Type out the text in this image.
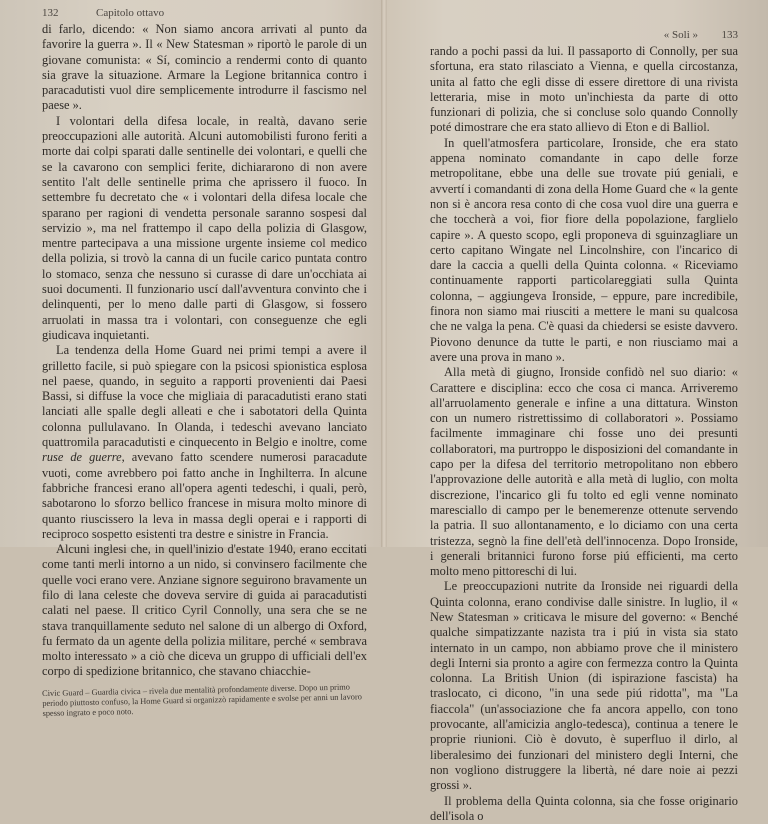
132	Capitolo ottavo

di farlo, dicendo: « Non siamo ancora arrivati al punto da favorire la guerra ». Il « New Statesman » riportò le parole di un giovane comunista: « Sí, comincio a rendermi conto di quanto sia grave la situazione. Armare la Legione britannica contro i paracadutisti vuol dire semplicemente introdurre il fascismo nel paese ».

I volontari della difesa locale, in realtà, davano serie preoccupazioni alle autorità. Alcuni automobilisti furono feriti a morte dai colpi sparati dalle sentinelle dei volontari, e quelli che se la cavarono con semplici ferite, dichiararono di non avere sentito l'alt delle sentinelle prima che aprissero il fuoco. In settembre fu decretato che « i volontari della difesa locale che sparano per ragioni di vendetta personale saranno sospesi dal servizio », ma nel frattempo il capo della polizia di Glasgow, mentre partecipava a una missione urgente insieme col medico della polizia, si trovò la canna di un fucile carico puntata contro lo stomaco, senza che nessuno si curasse di dare un'occhiata ai suoi documenti. Il funzionario uscí dall'avventura convinto che i delinquenti, per lo meno dalle parti di Glasgow, si fossero arruolati in massa tra i volontari, con conseguenze che egli giudicava inquietanti.

La tendenza della Home Guard nei primi tempi a avere il grilletto facile, si può spiegare con la psicosi spionistica esplosa nel paese, quando, in seguito a rapporti provenienti dai Paesi Bassi, si diffuse la voce che migliaia di paracadutisti erano stati lanciati alle spalle degli alleati e che i sabotatori della Quinta colonna pullulavano. In Olanda, i tedeschi avevano lanciato quattromila paracadutisti e cinquecento in Belgio e inoltre, come ruse de guerre, avevano fatto scendere numerosi paracadute vuoti, come avrebbero poi fatto anche in Inghilterra. In alcune fabbriche francesi erano all'opera agenti tedeschi, i quali, però, sabotarono lo sforzo bellico francese in misura molto minore di quanto riuscissero la leva in massa degli operai e i rapporti di reciproco sospetto esistenti tra destre e sinistre in Francia.

Alcuni inglesi che, in quell'inizio d'estate 1940, erano eccitati come tanti merli intorno a un nido, si convinsero facilmente che quelle voci erano vere. Anziane signore seguirono bravamente un filo di lana celeste che doveva servire di guida ai paracadutisti calati nel paese. Il critico Cyril Connolly, una sera che se ne stava tranquillamente seduto nel salone di un albergo di Oxford, fu fermato da un agente della polizia militare, perché « sembrava molto interessato » a ciò che diceva un gruppo di ufficiali dell'ex corpo di spedizione britannico, che stavano chiacchie-

Civic Guard – Guardia civica – rivela due mentalità profondamente diverse. Dopo un primo periodo piuttosto confuso, la Home Guard si organizzò rapidamente e svolse per anni un lavoro spesso ingrato e poco noto.
« Soli »	133

rando a pochi passi da lui. Il passaporto di Connolly, per sua sfortuna, era stato rilasciato a Vienna, e quella circostanza, unita al fatto che egli disse di essere direttore di una rivista letteraria, mise in moto un'inchiesta da parte di otto funzionari di polizia, che si concluse solo quando Connolly poté dimostrare che era stato allievo di Eton e di Balliol.

In quell'atmosfera particolare, Ironside, che era stato appena nominato comandante in capo delle forze metropolitane, ebbe una delle sue trovate piú geniali, e avvertí i comandanti di zona della Home Guard che « la gente non si è ancora resa conto di che cosa vuol dire una guerra e che toccherà a voi, fior fiore della popolazione, farglielo capire ». A questo scopo, egli proponeva di sguinzagliare un certo capitano Wingate nel Lincolnshire, con l'incarico di dare la caccia a quelli della Quinta colonna. « Riceviamo continuamente rapporti particolareggiati sulla Quinta colonna, – aggiungeva Ironside, – eppure, pare incredibile, finora non siamo mai riusciti a mettere le mani su qualcosa che ne valga la pena. C'è quasi da chiedersi se esiste davvero. Piovono denunce da tutte le parti, e non riusciamo mai a avere una prova in mano ».

Alla metà di giugno, Ironside confidò nel suo diario: « Carattere e disciplina: ecco che cosa ci manca. Arriveremo all'arruolamento generale e infine a una dittatura. Winston con un numero ristrettissimo di collaboratori ». Possiamo facilmente immaginare chi fosse uno dei presunti collaboratori, ma purtroppo le disposizioni del comandante in capo per la difesa del territorio metropolitano non ebbero l'approvazione delle autorità e alla metà di luglio, con molta discrezione, l'incarico gli fu tolto ed egli venne nominato maresciallo di campo per le benemerenze ottenute servendo la patria. Il suo allontanamento, e lo diciamo con una certa tristezza, segnò la fine dell'età dell'innocenza. Dopo Ironside, i generali britannici furono forse piú efficienti, ma certo molto meno pittoreschi di lui.

Le preoccupazioni nutrite da Ironside nei riguardi della Quinta colonna, erano condivise dalle sinistre. In luglio, il « New Statesman » criticava le misure del governo: « Benché qualche simpatizzante nazista tra i piú in vista sia stato internato in un campo, non abbiamo prove che il ministero degli Interni sia pronto a agire con fermezza contro la Quinta colonna. La British Union (di ispirazione fascista) ha traslocato, ci dicono, "in una sede piú ridotta", ma "La fiaccola" (un'associazione che fa ancora appello, con tono provocante, all'amicizia anglo-tedesca), continua a tenere le proprie riunioni. Ciò è dovuto, è superfluo il dirlo, al liberalesimo dei funzionari del ministero degli Interni, che non vogliono distruggere la libertà, né dare noie ai pezzi grossi ».

Il problema della Quinta colonna, sia che fosse originario dell'isola o
